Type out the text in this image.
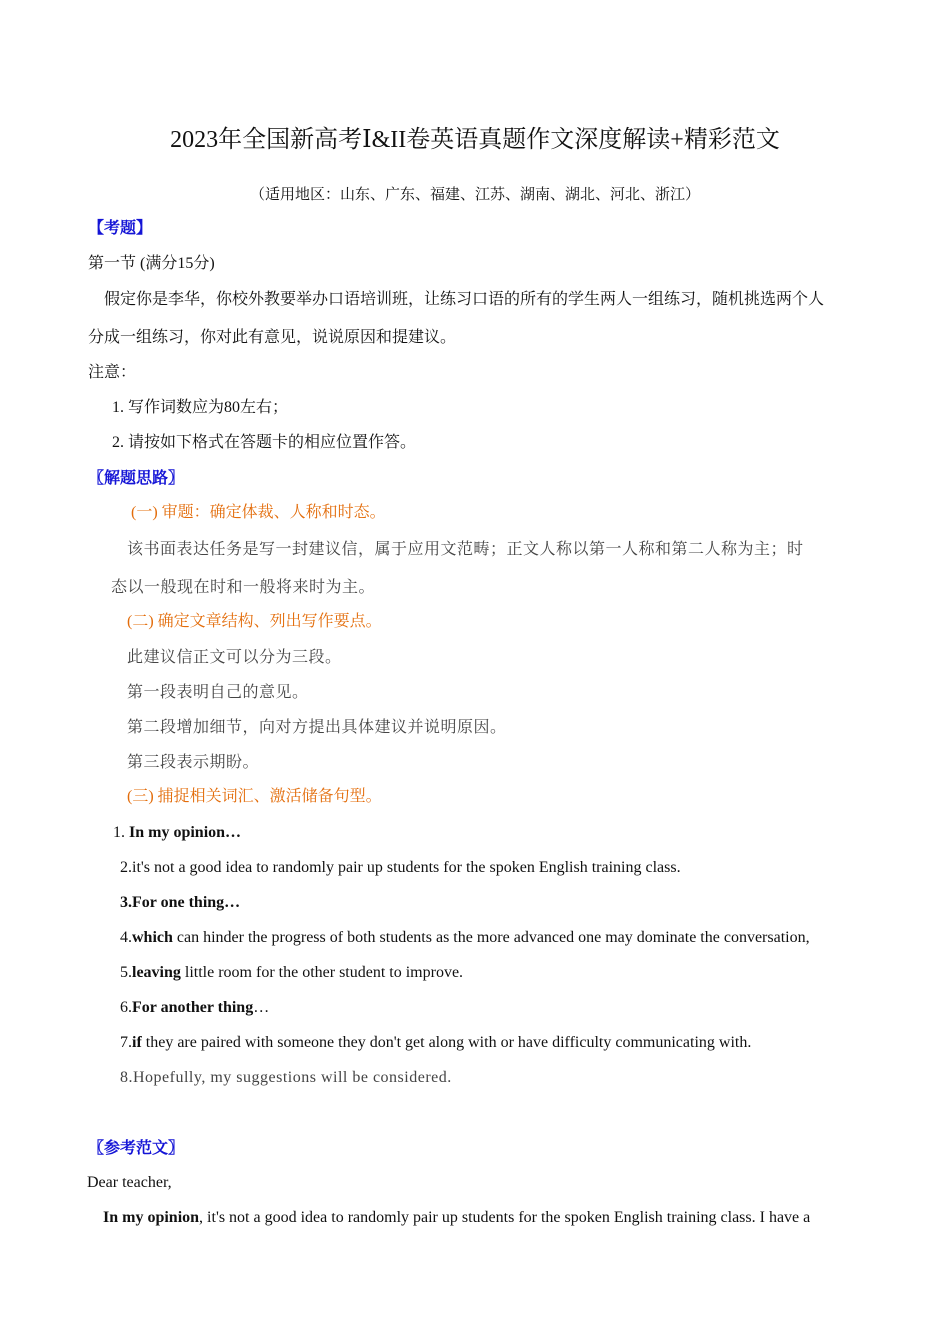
2023年全国新高考Ⅰ&II卷英语真题作文深度解读+精彩范文
（适用地区：山东、广东、福建、江苏、湖南、湖北、河北、浙江）
【考题】
第一节 (满分15分)
假定你是李华，你校外教要举办口语培训班，让练习口语的所有的学生两人一组练习，随机挑选两个人
分成一组练习，你对此有意见，说说原因和提建议。
注意：
1. 写作词数应为80左右；
2. 请按如下格式在答题卡的相应位置作答。
〖解题思路〗
(一) 审题：确定体裁、人称和时态。
该书面表达任务是写一封建议信，属于应用文范畴；正文人称以第一人称和第二人称为主；时
态以一般现在时和一般将来时为主。
(二) 确定文章结构、列出写作要点。
此建议信正文可以分为三段。
第一段表明自己的意见。
第二段增加细节，向对方提出具体建议并说明原因。
第三段表示期盼。
(三) 捕捉相关词汇、激活储备句型。
1. In my opinion…
2.it's not a good idea to randomly pair up students for the spoken English training class.
3.For one thing…
4.which can hinder the progress of both students as the more advanced one may dominate the conversation,
5.leaving little room for the other student to improve.
6.For another thing…
7.if they are paired with someone they don't get along with or have difficulty communicating with.
8.Hopefully, my suggestions will be considered.
〖参考范文〗
Dear teacher,
In my opinion, it's not a good idea to randomly pair up students for the spoken English training class. I have a
